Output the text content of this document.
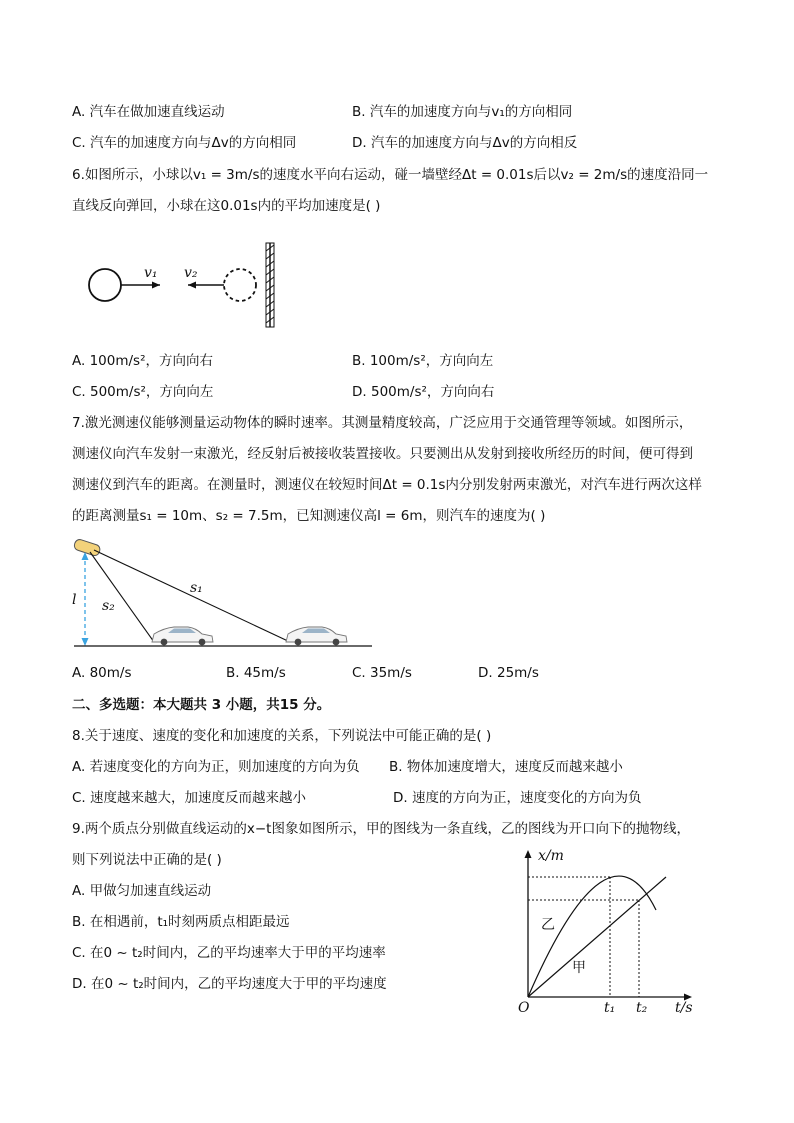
A. 汽车在做加速直线运动	B. 汽车的加速度方向与v₁的方向相同
C. 汽车的加速度方向与Δv的方向相同	D. 汽车的加速度方向与Δv的方向相反
6.如图所示，小球以v₁ = 3m/s的速度水平向右运动，碰一墙壁经Δt = 0.01s后以v₂ = 2m/s的速度沿同一
直线反向弹回，小球在这0.01s内的平均加速度是( )
v₁ v₂
A. 100m/s²，方向向右	B. 100m/s²，方向向左
C. 500m/s²，方向向左	D. 500m/s²，方向向右
7.激光测速仪能够测量运动物体的瞬时速率。其测量精度较高，广泛应用于交通管理等领域。如图所示，
测速仪向汽车发射一束激光，经反射后被接收装置接收。只要测出从发射到接收所经历的时间，便可得到
测速仪到汽车的距离。在测量时，测速仪在较短时间Δt = 0.1s内分别发射两束激光，对汽车进行两次这样
的距离测量s₁ = 10m、s₂ = 7.5m，已知测速仪高l = 6m，则汽车的速度为( )
l s₂
s₁
A. 80m/s	B. 45m/s	C. 35m/s	D. 25m/s
二、多选题：本大题共 3 小题，共15 分。
8.关于速度、速度的变化和加速度的关系，下列说法中可能正确的是( )
A. 若速度变化的方向为正，则加速度的方向为负 B. 物体加速度增大，速度反而越来越小
C. 速度越来越大，加速度反而越来越小	D. 速度的方向为正，速度变化的方向为负
9.两个质点分别做直线运动的x−t图象如图所示，甲的图线为一条直线，乙的图线为开口向下的抛物线，
则下列说法中正确的是( )
A. 甲做匀加速直线运动
B. 在相遇前，t₁时刻两质点相距最远
C. 在0 ~ t₂时间内，乙的平均速率大于甲的平均速率
D. 在0 ~ t₂时间内，乙的平均速度大于甲的平均速度
x/m
t/s
O	t₁ t₂
乙
甲
